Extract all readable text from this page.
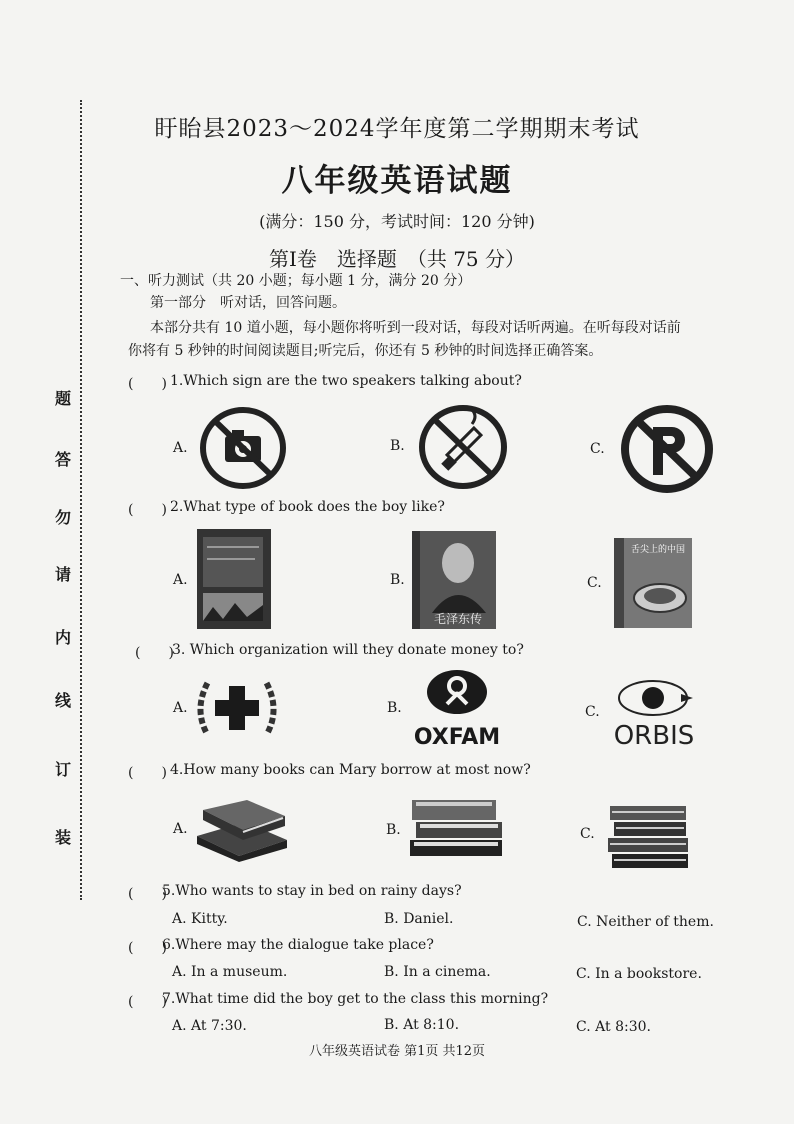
装
订
线
内
请
勿
答
题
盱眙县2023～2024学年度第二学期期末考试
八年级英语试题
(满分：150 分，考试时间：120 分钟)
第Ⅰ卷　选择题　（共 75 分）
一、听力测试（共 20 小题；每小题 1 分，满分 20 分）
第一部分　听对话，回答问题。
本部分共有 10 道小题，每小题你将听到一段对话，每段对话听两遍。在听每段对话前
你将有 5 秒钟的时间阅读题目;听完后，你还有 5 秒钟的时间选择正确答案。
(　　) 1.Which sign are the two speakers talking about?
A.	B.	C.
(　　) 2.What type of book does the boy like?
A.	B.
毛泽东传
C.
舌尖上的中国
(　　)
3. Which organization will they donate money to?
A.	B.
OXFAM
C.
ORBIS
(　　) 4.How many books can Mary borrow at most now?
A.	B.	C.
(　　)
5.Who wants to stay in bed on rainy days?
A. Kitty.	B. Daniel.	C. Neither of them.
(　　)
6.Where may the dialogue take place?
A. In a museum.	B. In a cinema.	C. In a bookstore.
(　　)
7.What time did the boy get to the class this morning?
A. At 7:30.	B. At 8:10.	C. At 8:30.
八年级英语试卷 第1页 共12页
